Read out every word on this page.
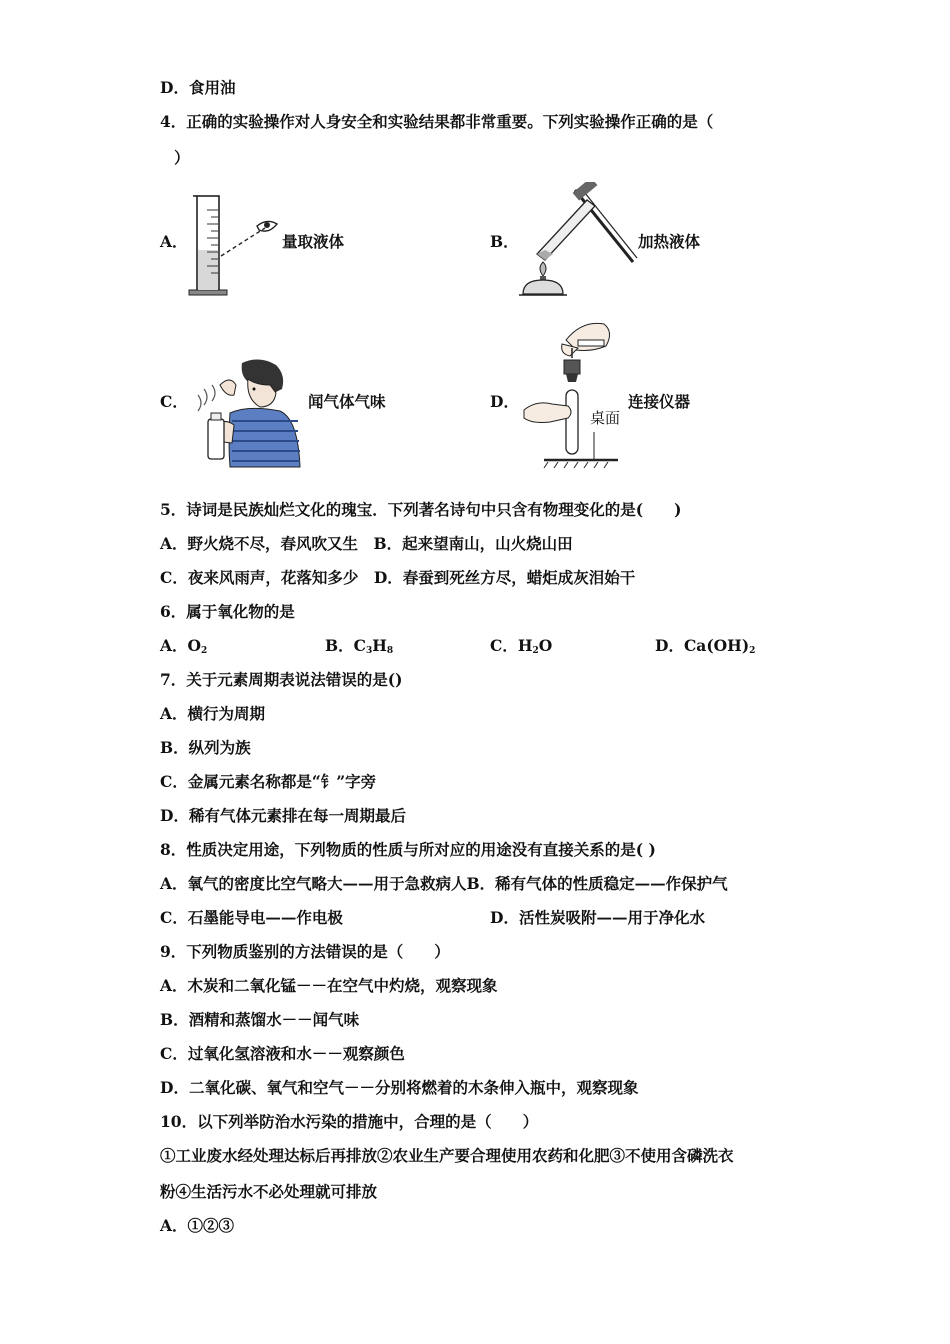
D．食用油
4．正确的实验操作对人身安全和实验结果都非常重要。下列实验操作正确的是（
）
A．	量取液体	B．	加热液体
C．	闻气体气味	D．
桌面
连接仪器
5．诗词是民族灿烂文化的瑰宝．下列著名诗句中只含有物理变化的是(　　)
A．野火烧不尽，春风吹又生　B．起来望南山，山火烧山田
C．夜来风雨声，花落知多少　D．春蚕到死丝方尽，蜡炬成灰泪始干
6．属于氧化物的是
A．$O_2$	B．$C_3H_8$	C．$H_2O$	D．$Ca(OH)_2$
7．关于元素周期表说法错误的是()
A．横行为周期
B．纵列为族
C．金属元素名称都是“钅”字旁
D．稀有气体元素排在每一周期最后
8．性质决定用途，下列物质的性质与所对应的用途没有直接关系的是( )
A．氧气的密度比空气略大——用于急救病人B．稀有气体的性质稳定——作保护气
C．石墨能导电——作电极	D．活性炭吸附——用于净化水
9．下列物质鉴别的方法错误的是（　　）
A．木炭和二氧化锰－－在空气中灼烧，观察现象
B．酒精和蒸馏水－－闻气味
C．过氧化氢溶液和水－－观察颜色
D．二氧化碳、氧气和空气－－分别将燃着的木条伸入瓶中，观察现象
10．以下列举防治水污染的措施中，合理的是（　　）
①工业废水经处理达标后再排放②农业生产要合理使用农药和化肥③不使用含磷洗衣
粉④生活污水不必处理就可排放
A．①②③
